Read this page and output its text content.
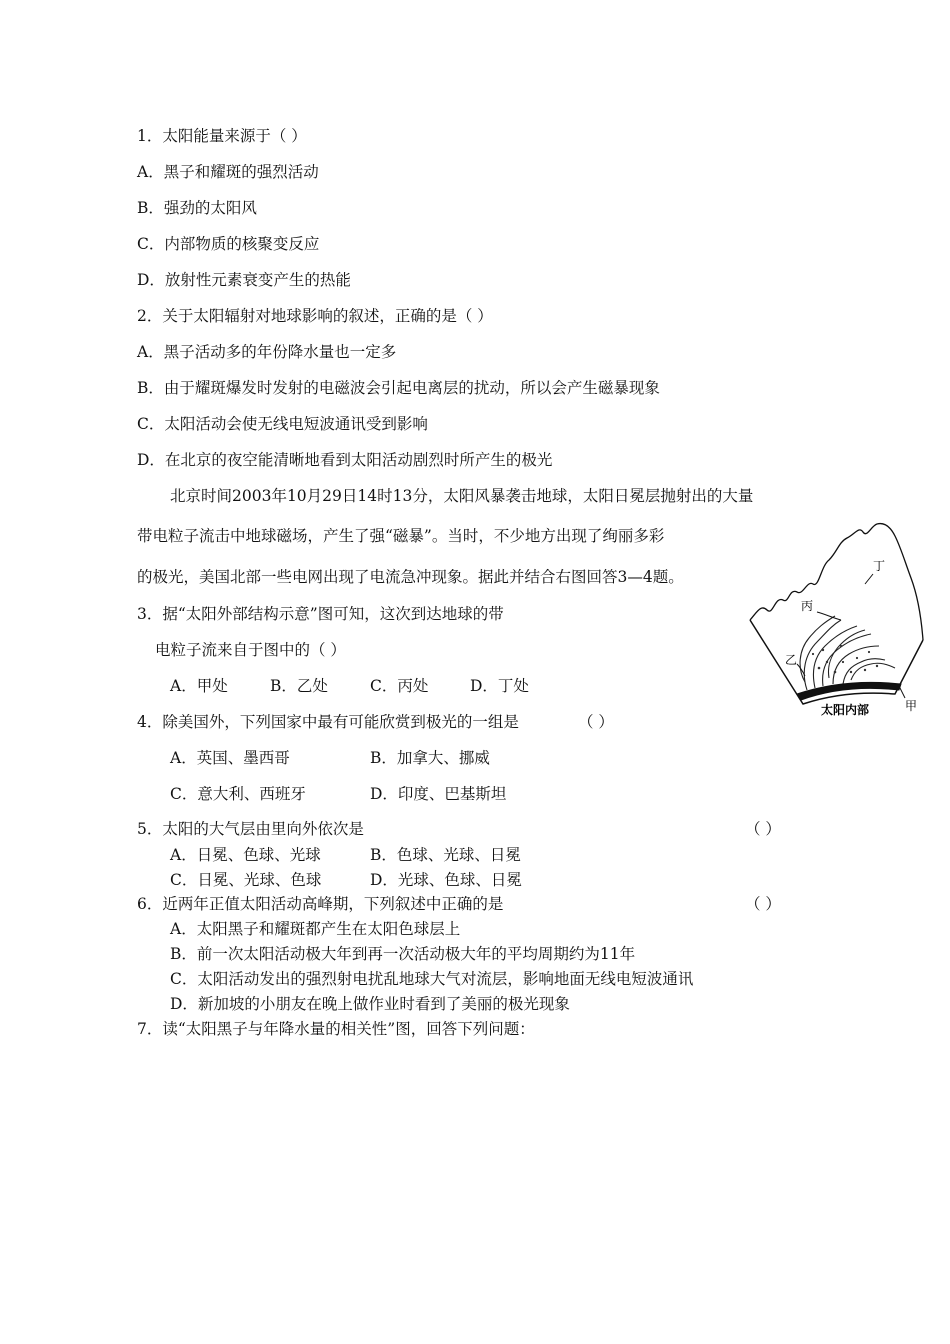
1．太阳能量来源于（ ）
A．黑子和耀斑的强烈活动
B．强劲的太阳风
C．内部物质的核聚变反应
D．放射性元素衰变产生的热能
2．关于太阳辐射对地球影响的叙述，正确的是（ ）
A．黑子活动多的年份降水量也一定多
B．由于耀斑爆发时发射的电磁波会引起电离层的扰动，所以会产生磁暴现象
C．太阳活动会使无线电短波通讯受到影响
D．在北京的夜空能清晰地看到太阳活动剧烈时所产生的极光
北京时间2003年10月29日14时13分，太阳风暴袭击地球，太阳日冕层抛射出的大量
带电粒子流击中地球磁场，产生了强“磁暴”。当时，不少地方出现了绚丽多彩
的极光，美国北部一些电网出现了电流急冲现象。据此并结合右图回答3—4题。
3．据“太阳外部结构示意”图可知，这次到达地球的带
电粒子流来自于图中的（ ）
A．甲处	B．乙处	C．丙处	D．丁处
4．除美国外，下列国家中最有可能欣赏到极光的一组是	（ ）
A．英国、墨西哥	B．加拿大、挪威
C．意大利、西班牙	D．印度、巴基斯坦
5．太阳的大气层由里向外依次是	（ ）
A．日冕、色球、光球	B．色球、光球、日冕
C．日冕、光球、色球	D．光球、色球、日冕
6．近两年正值太阳活动高峰期，下列叙述中正确的是	（ ）
A．太阳黑子和耀斑都产生在太阳色球层上
B．前一次太阳活动极大年到再一次活动极大年的平均周期约为11年
C．太阳活动发出的强烈射电扰乱地球大气对流层，影响地面无线电短波通讯
D．新加坡的小朋友在晚上做作业时看到了美丽的极光现象
7．读“太阳黑子与年降水量的相关性”图，回答下列问题：
丙
乙
丁
甲
太阳内部
